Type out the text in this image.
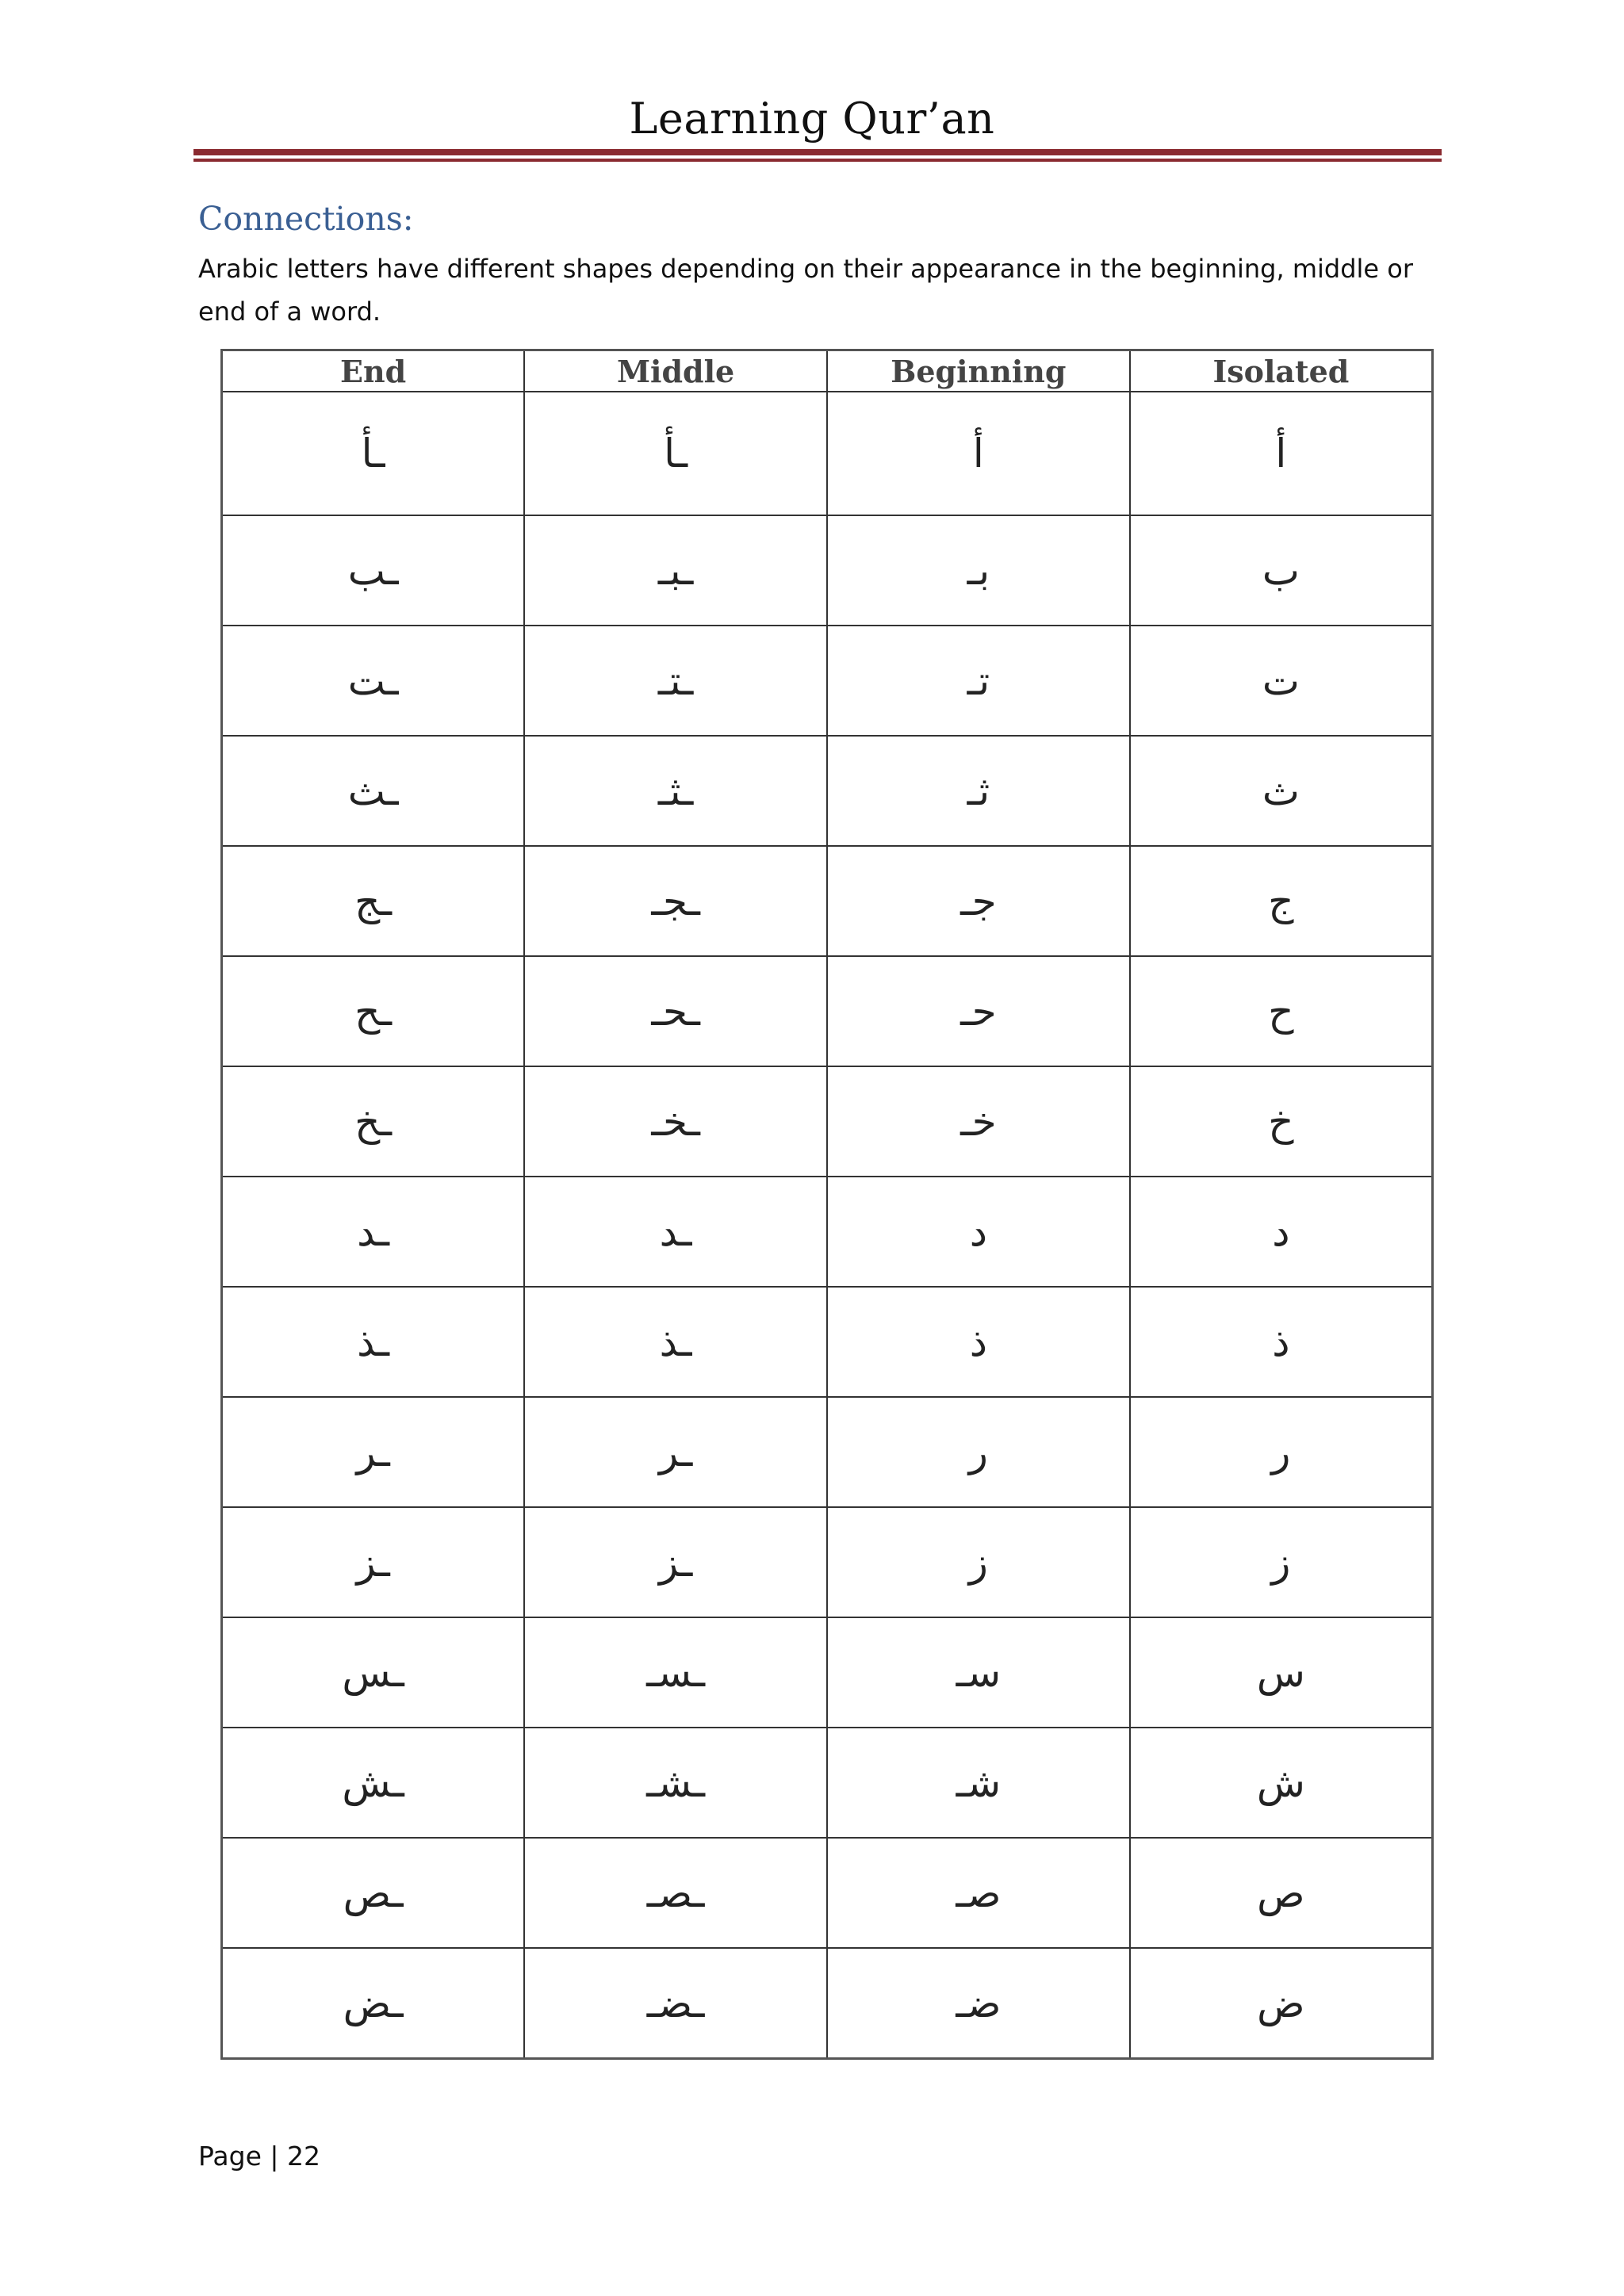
Learning Qur’an
Connections:
Arabic letters have different shapes depending on their appearance in the beginning, middle or end of a word.
End	Middle	Beginning	Isolated
ـأ	ـأ	أ	أ
ـب	ـبـ	بـ	ب
ـت	ـتـ	تـ	ت
ـث	ـثـ	ثـ	ث
ـج	ـجـ	جـ	ج
ـح	ـحـ	حـ	ح
ـخ	ـخـ	خـ	خ
ـد	ـد	د	د
ـذ	ـذ	ذ	ذ
ـر	ـر	ر	ر
ـز	ـز	ز	ز
ـس	ـسـ	سـ	س
ـش	ـشـ	شـ	ش
ـص	ـصـ	صـ	ص
ـض	ـضـ	ضـ	ض
Page | 22
